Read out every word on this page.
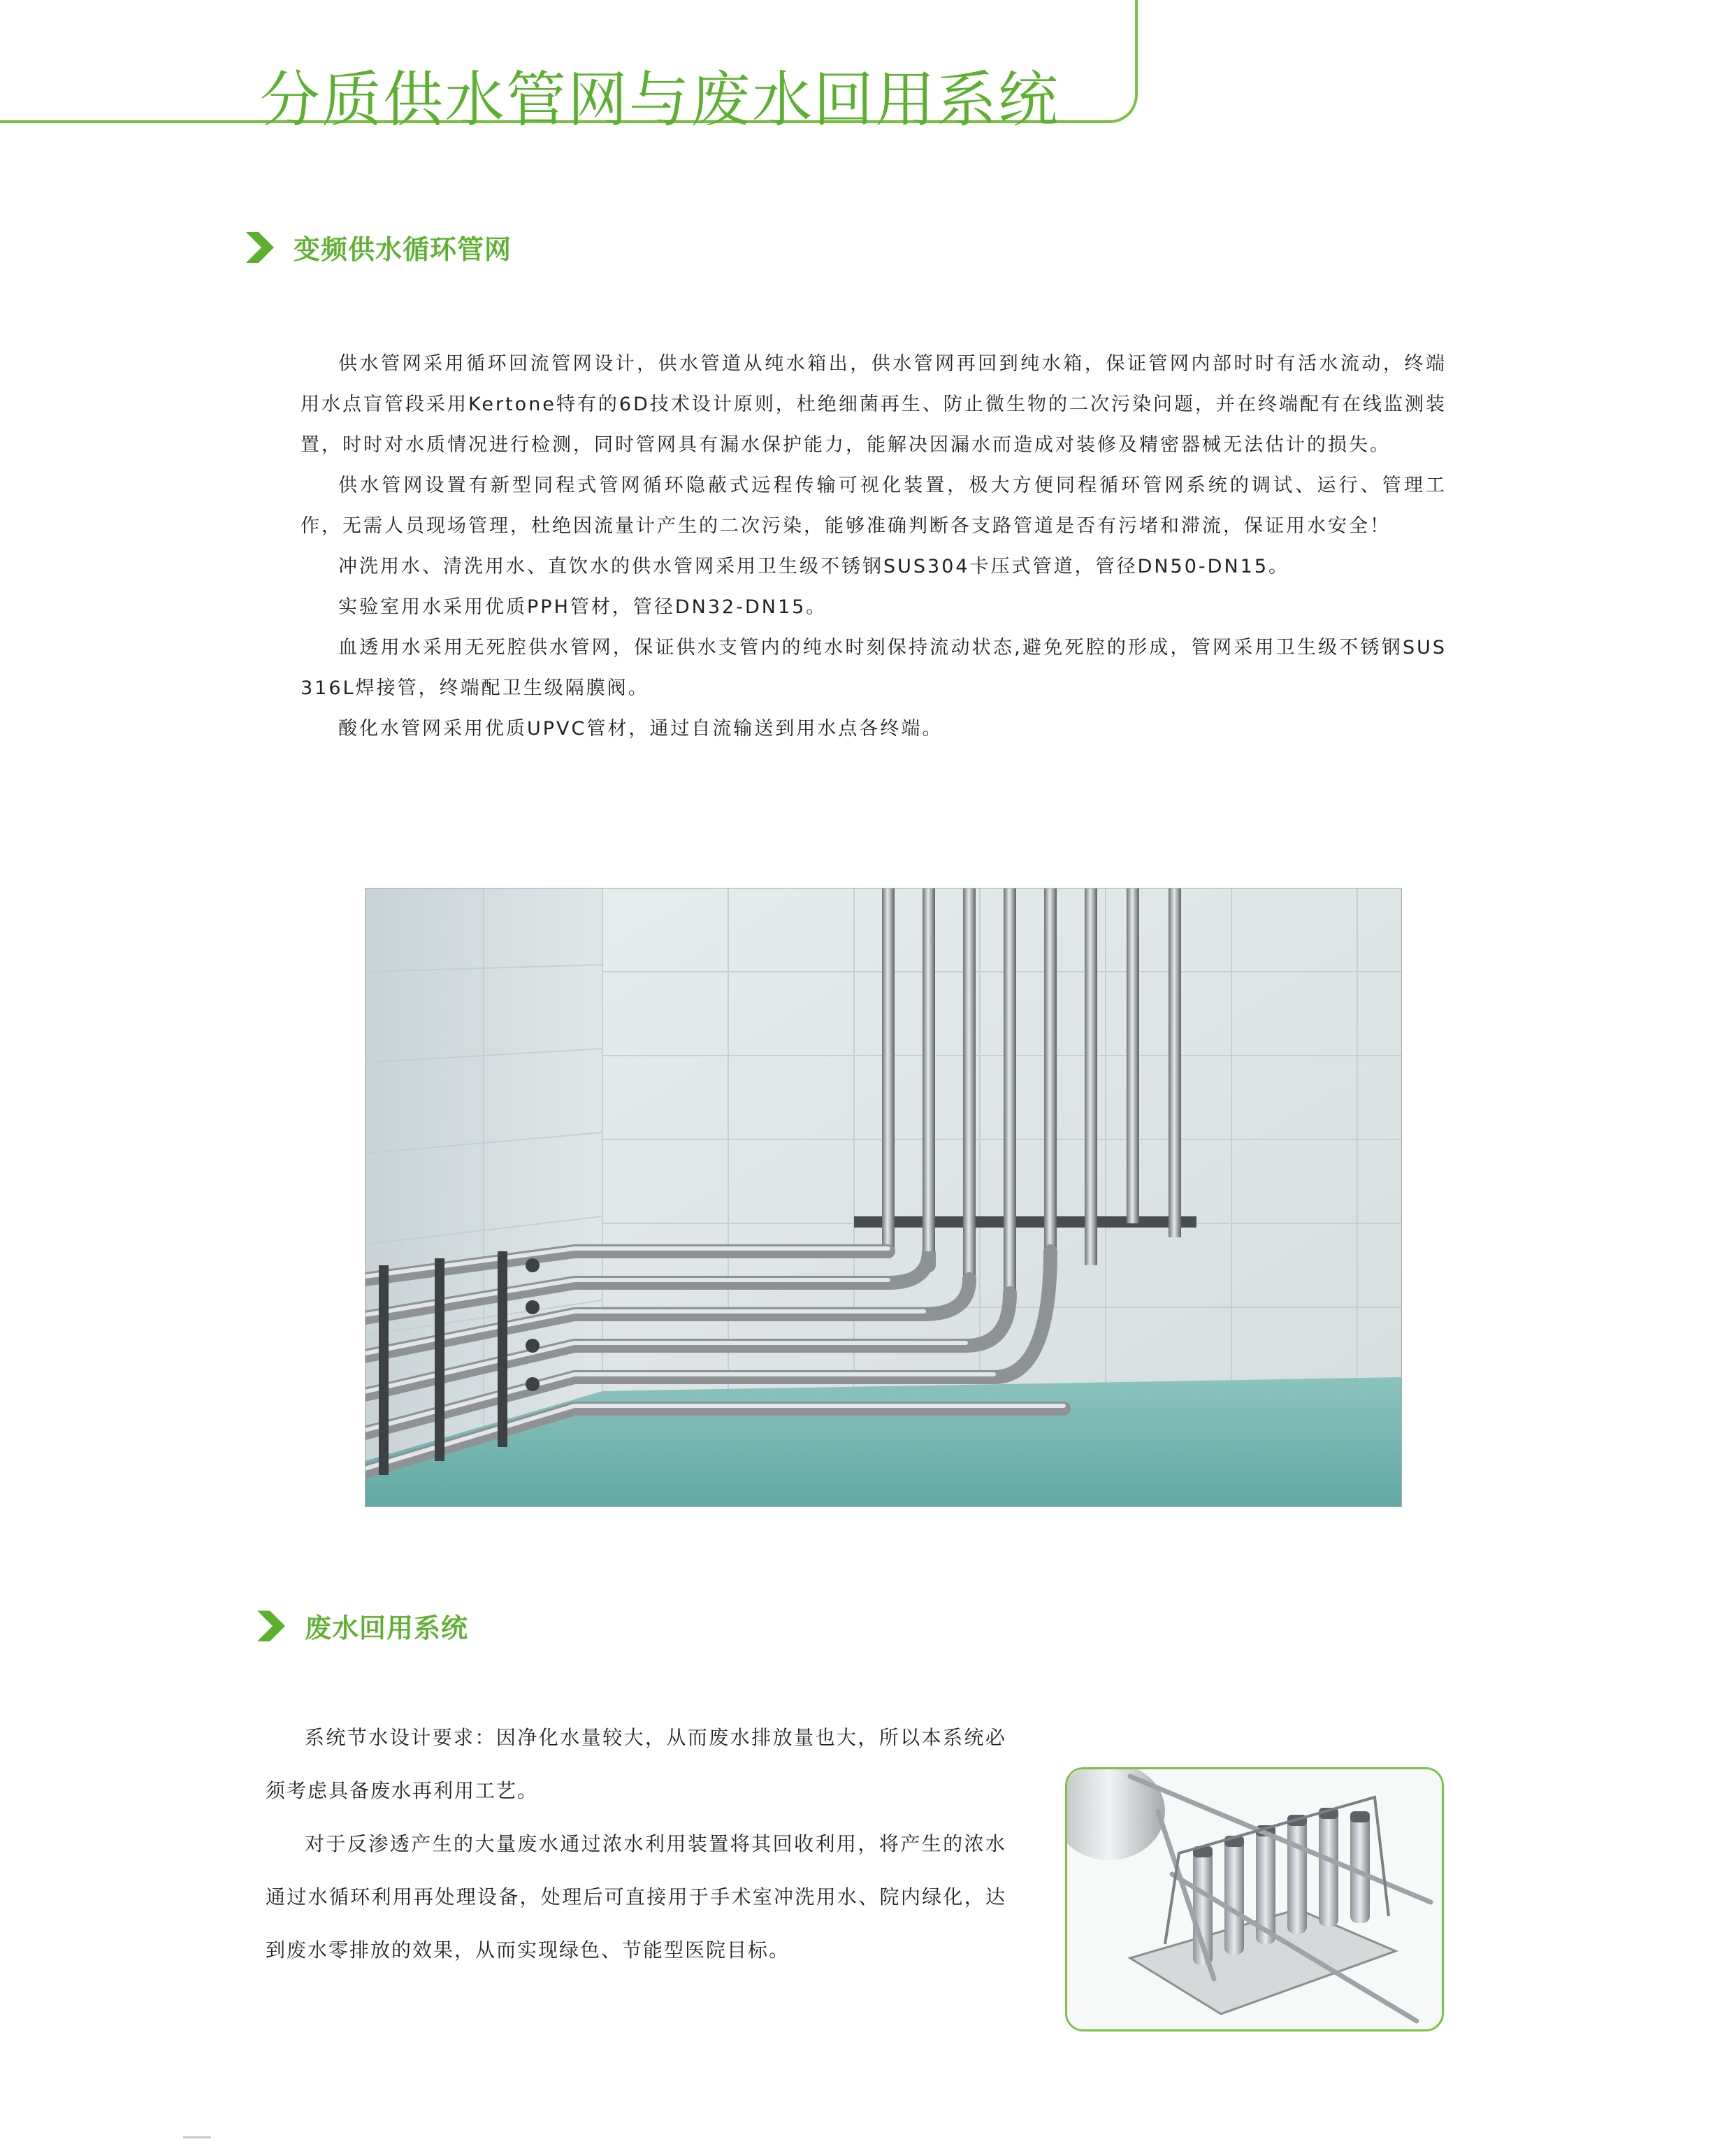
分质供水管网与废水回用系统
变频供水循环管网

供水管网采用循环回流管网设计，供水管道从纯水箱出，供水管网再回到纯水箱，保证管网内部时时有活水流动，终端用水点盲管段采用Kertone特有的6D技术设计原则，杜绝细菌再生、防止微生物的二次污染问题，并在终端配有在线监测装置，时时对水质情况进行检测，同时管网具有漏水保护能力，能解决因漏水而造成对装修及精密器械无法估计的损失。

供水管网设置有新型同程式管网循环隐蔽式远程传输可视化装置，极大方便同程循环管网系统的调试、运行、管理工作，无需人员现场管理，杜绝因流量计产生的二次污染，能够准确判断各支路管道是否有污堵和滞流，保证用水安全！

冲洗用水、清洗用水、直饮水的供水管网采用卫生级不锈钢SUS304卡压式管道，管径DN50-DN15。

实验室用水采用优质PPH管材，管径DN32-DN15。

血透用水采用无死腔供水管网，保证供水支管内的纯水时刻保持流动状态,避免死腔的形成，管网采用卫生级不锈钢SUS316L焊接管，终端配卫生级隔膜阀。

酸化水管网采用优质UPVC管材，通过自流输送到用水点各终端。

废水回用系统

系统节水设计要求：因净化水量较大，从而废水排放量也大，所以本系统必须考虑具备废水再利用工艺。

对于反渗透产生的大量废水通过浓水利用装置将其回收利用，将产生的浓水通过水循环利用再处理设备，处理后可直接用于手术室冲洗用水、院内绿化，达到废水零排放的效果，从而实现绿色、节能型医院目标。
